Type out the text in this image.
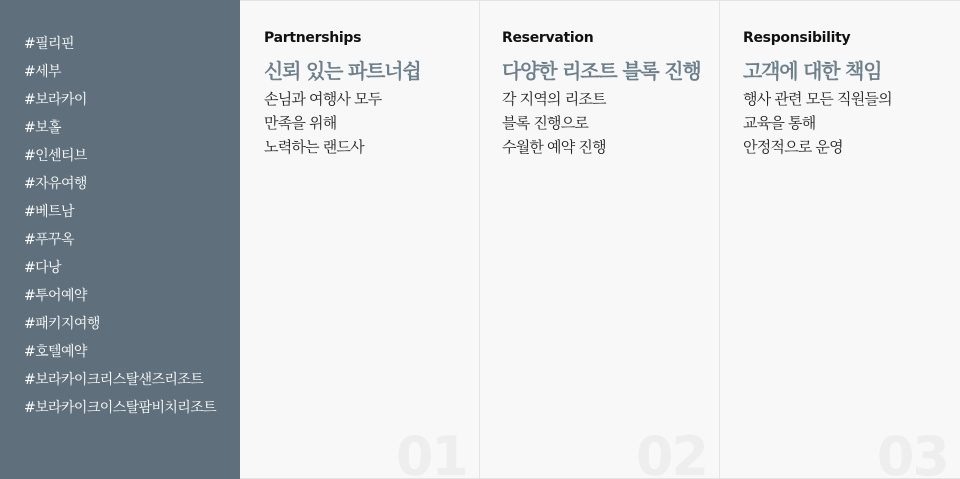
#필리핀
#세부
#보라카이
#보홀
#인센티브
#자유여행
#베트남
#푸꾸옥
#다낭
#투어예약
#패키지여행
#호텔예약
#보라카이크리스탈샌즈리조트
#보라카이크이스탈팜비치리조트
Partnerships
신뢰 있는 파트너쉽

손님과 여행사 모두
만족을 위해
노력하는 랜드사

01
Reservation
다양한 리조트 블록 진행

각 지역의 리조트
블록 진행으로
수월한 예약 진행

02
Responsibility
고객에 대한 책임

행사 관련 모든 직원들의
교육을 통해
안정적으로 운영

03
